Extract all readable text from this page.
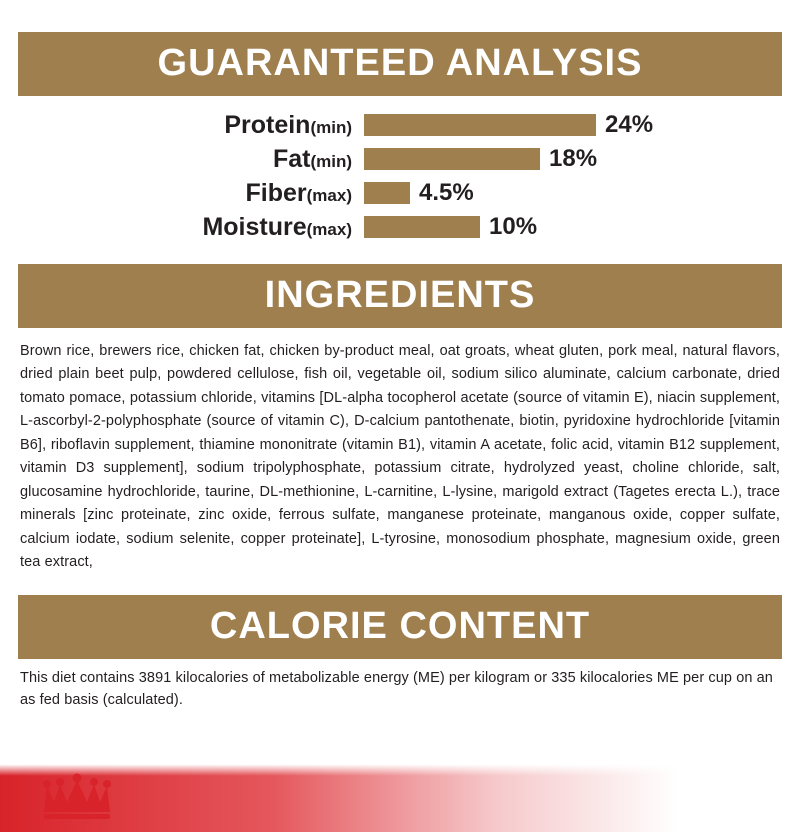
GUARANTEED ANALYSIS
Protein(min)	24%
Fat(min)	18%
Fiber(max)	4.5%
Moisture(max)	10%
INGREDIENTS
Brown rice, brewers rice, chicken fat, chicken by-product meal, oat groats, wheat gluten, pork meal, natural flavors, dried plain beet pulp, powdered cellulose, fish oil, vegetable oil, sodium silico aluminate, calcium carbonate, dried tomato pomace, potassium chloride, vitamins [DL-alpha tocopherol acetate (source of vitamin E), niacin supplement, L-ascorbyl-2-polyphosphate (source of vitamin C), D-calcium pantothenate, biotin, pyridoxine hydrochloride [vitamin B6], riboflavin supplement, thiamine mononitrate (vitamin B1), vitamin A acetate, folic acid, vitamin B12 supplement, vitamin D3 supplement], sodium tripolyphosphate, potassium citrate, hydrolyzed yeast, choline chloride, salt, glucosamine hydrochloride, taurine, DL-methionine, L-carnitine, L-lysine, marigold extract (Tagetes erecta L.), trace minerals [zinc proteinate, zinc oxide, ferrous sulfate, manganese proteinate, manganous oxide, copper sulfate, calcium iodate, sodium selenite, copper proteinate], L-tyrosine, monosodium phosphate, magnesium oxide, green tea extract,
CALORIE CONTENT
This diet contains 3891 kilocalories of metabolizable energy (ME) per kilogram or 335 kilocalories ME per cup on an as fed basis (calculated).
